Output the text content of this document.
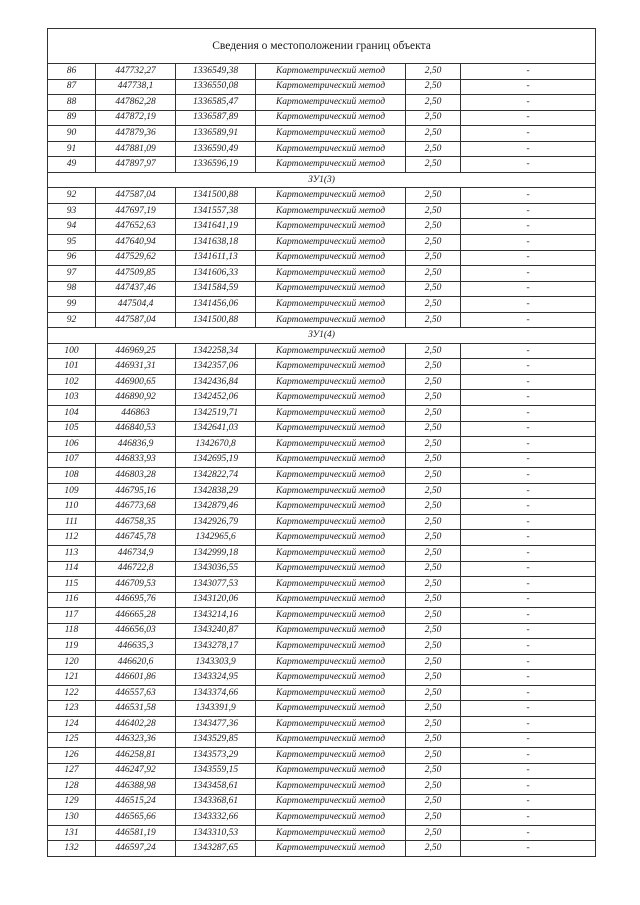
Сведения о местоположении границ объекта					
86	447732,27	1336549,38	Картометрический метод	2,50	-
87	447738,1	1336550,08	Картометрический метод	2,50	-
88	447862,28	1336585,47	Картометрический метод	2,50	-
89	447872,19	1336587,89	Картометрический метод	2,50	-
90	447879,36	1336589,91	Картометрический метод	2,50	-
91	447881,09	1336590,49	Картометрический метод	2,50	-
49	447897,97	1336596,19	Картометрический метод	2,50	-
ЗУ1(3)					
92	447587,04	1341500,88	Картометрический метод	2,50	-
93	447697,19	1341557,38	Картометрический метод	2,50	-
94	447652,63	1341641,19	Картометрический метод	2,50	-
95	447640,94	1341638,18	Картометрический метод	2,50	-
96	447529,62	1341611,13	Картометрический метод	2,50	-
97	447509,85	1341606,33	Картометрический метод	2,50	-
98	447437,46	1341584,59	Картометрический метод	2,50	-
99	447504,4	1341456,06	Картометрический метод	2,50	-
92	447587,04	1341500,88	Картометрический метод	2,50	-
ЗУ1(4)					
100	446969,25	1342258,34	Картометрический метод	2,50	-
101	446931,31	1342357,06	Картометрический метод	2,50	-
102	446900,65	1342436,84	Картометрический метод	2,50	-
103	446890,92	1342452,06	Картометрический метод	2,50	-
104	446863	1342519,71	Картометрический метод	2,50	-
105	446840,53	1342641,03	Картометрический метод	2,50	-
106	446836,9	1342670,8	Картометрический метод	2,50	-
107	446833,93	1342695,19	Картометрический метод	2,50	-
108	446803,28	1342822,74	Картометрический метод	2,50	-
109	446795,16	1342838,29	Картометрический метод	2,50	-
110	446773,68	1342879,46	Картометрический метод	2,50	-
111	446758,35	1342926,79	Картометрический метод	2,50	-
112	446745,78	1342965,6	Картометрический метод	2,50	-
113	446734,9	1342999,18	Картометрический метод	2,50	-
114	446722,8	1343036,55	Картометрический метод	2,50	-
115	446709,53	1343077,53	Картометрический метод	2,50	-
116	446695,76	1343120,06	Картометрический метод	2,50	-
117	446665,28	1343214,16	Картометрический метод	2,50	-
118	446656,03	1343240,87	Картометрический метод	2,50	-
119	446635,3	1343278,17	Картометрический метод	2,50	-
120	446620,6	1343303,9	Картометрический метод	2,50	-
121	446601,86	1343324,95	Картометрический метод	2,50	-
122	446557,63	1343374,66	Картометрический метод	2,50	-
123	446531,58	1343391,9	Картометрический метод	2,50	-
124	446402,28	1343477,36	Картометрический метод	2,50	-
125	446323,36	1343529,85	Картометрический метод	2,50	-
126	446258,81	1343573,29	Картометрический метод	2,50	-
127	446247,92	1343559,15	Картометрический метод	2,50	-
128	446388,98	1343458,61	Картометрический метод	2,50	-
129	446515,24	1343368,61	Картометрический метод	2,50	-
130	446565,66	1343332,66	Картометрический метод	2,50	-
131	446581,19	1343310,53	Картометрический метод	2,50	-
132	446597,24	1343287,65	Картометрический метод	2,50	-
